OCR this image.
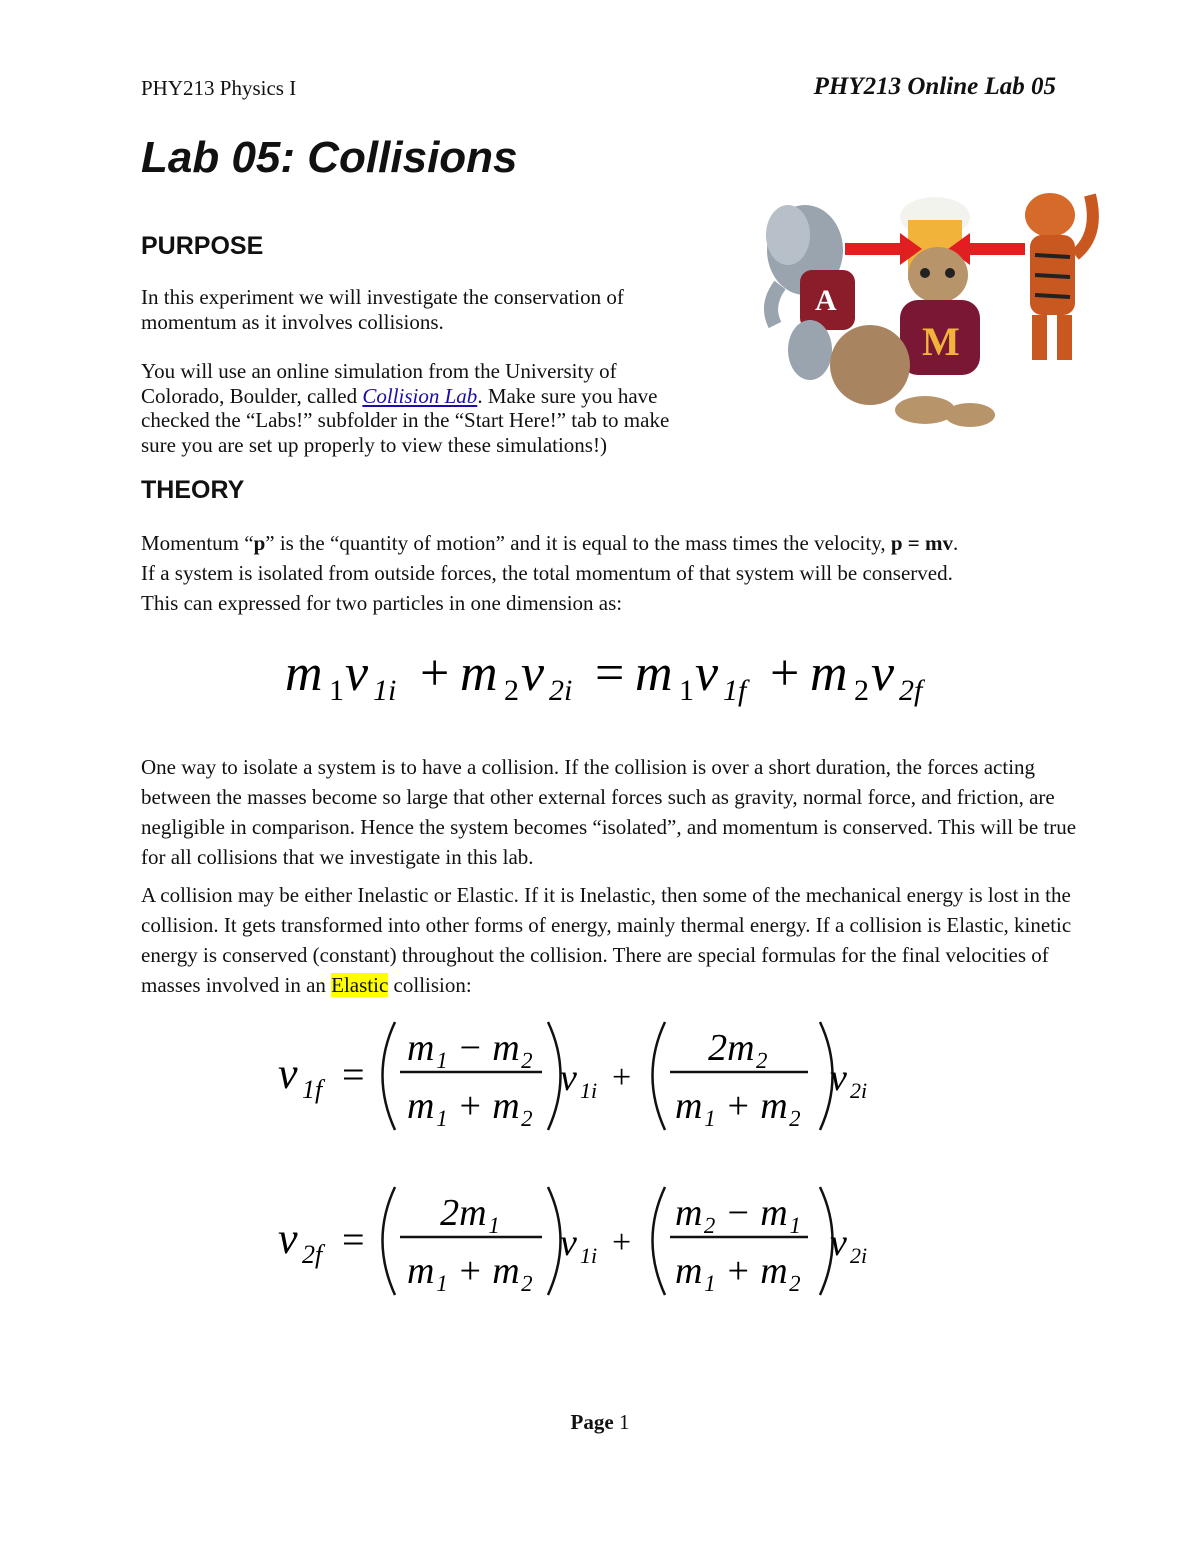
PHY213 Physics I	PHY213 Online Lab 05
Lab 05: Collisions
A
M
PURPOSE
In this experiment we will investigate the conservation of
momentum as it involves collisions.
You will use an online simulation from the University of
Colorado, Boulder, called Collision Lab. Make sure you have
checked the “Labs!” subfolder in the “Start Here!” tab to make
sure you are set up properly to view these simulations!)
THEORY
Momentum “p” is the “quantity of motion” and it is equal to the mass times the velocity, p = mv.
If a system is isolated from outside forces, the total momentum of that system will be conserved.
This can expressed for two particles in one dimension as:
m 1 v 1i + m 2 v 2i = m 1 v 1f + m 2 v 2f
One way to isolate a system is to have a collision. If the collision is over a short duration, the forces acting between the masses become so large that other external forces such as gravity, normal force, and friction, are negligible in comparison. Hence the system becomes “isolated”, and momentum is conserved. This will be true for all collisions that we investigate in this lab.
A collision may be either Inelastic or Elastic. If it is Inelastic, then some of the mechanical energy is lost in the collision. It gets transformed into other forms of energy, mainly thermal energy. If a collision is Elastic, kinetic energy is conserved (constant) throughout the collision. There are special formulas for the final velocities of masses involved in an Elastic collision:
v 1f =
m₁ − m₂
m₁ + m₂
v 1i +
2m₂
m₁ + m₂
v 2i
v 2f =
2m₁
m₁ + m₂
v 1i +
m₂ − m₁
m₁ + m₂
v 2i
Page 1
